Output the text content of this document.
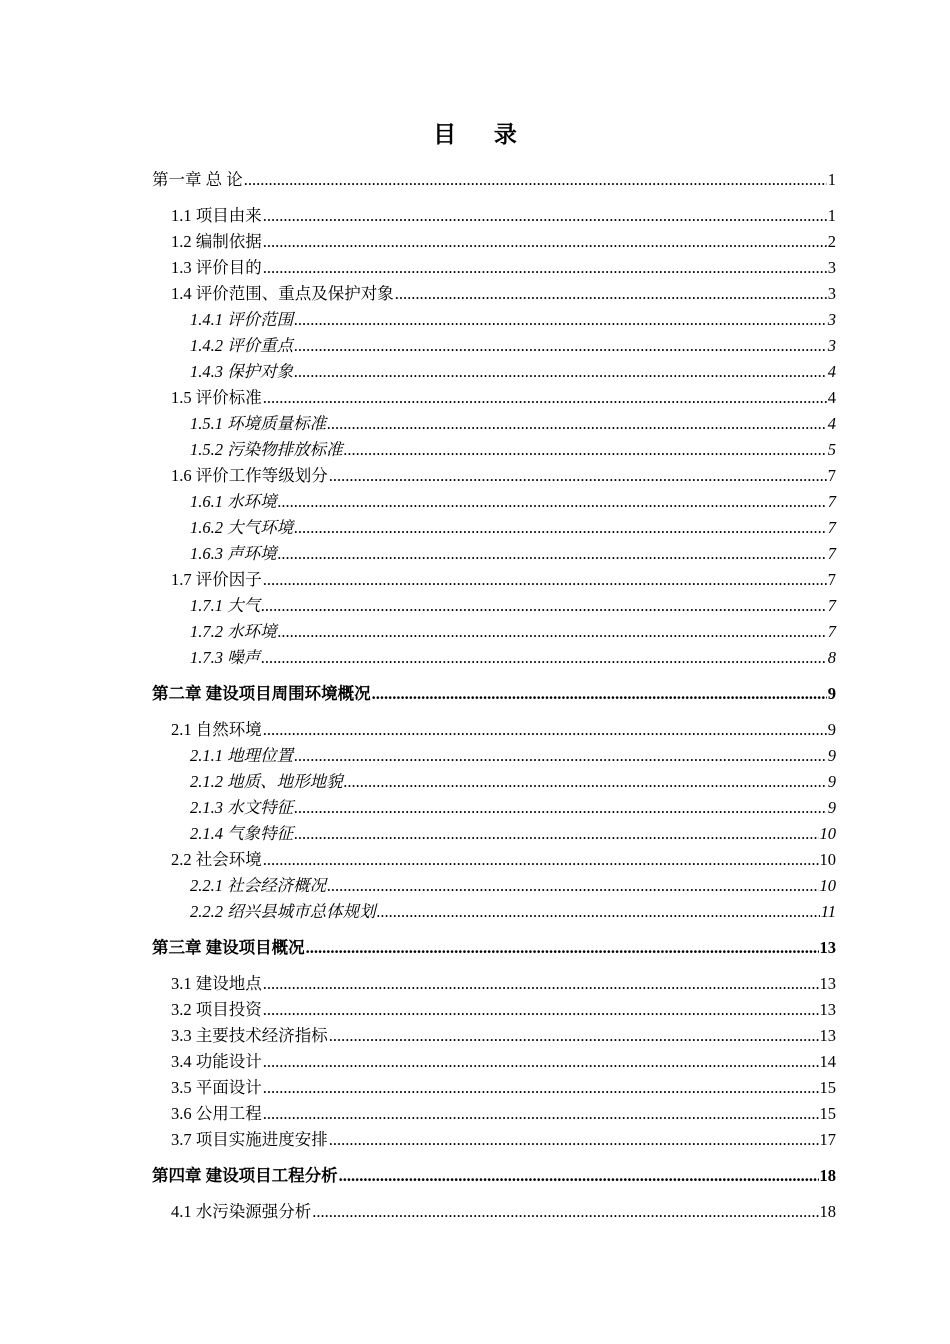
目 录
第一章 总 论 .....	1
1.1 项目由来 .....	1
1.2 编制依据 .....	2
1.3 评价目的 .....	3
1.4 评价范围、重点及保护对象 .....	3
1.4.1 评价范围 .....	3
1.4.2 评价重点 .....	3
1.4.3 保护对象 .....	4
1.5 评价标准 .....	4
1.5.1 环境质量标准 .....	4
1.5.2 污染物排放标准 .....	5
1.6 评价工作等级划分 .....	7
1.6.1 水环境 .....	7
1.6.2 大气环境 .....	7
1.6.3 声环境 .....	7
1.7 评价因子 .....	7
1.7.1 大气 .....	7
1.7.2 水环境 .....	7
1.7.3 噪声 .....	8
第二章 建设项目周围环境概况 .....	9
2.1 自然环境 .....	9
2.1.1 地理位置 .....	9
2.1.2 地质、地形地貌 .....	9
2.1.3 水文特征 .....	9
2.1.4 气象特征 .....	10
2.2 社会环境 .....	10
2.2.1 社会经济概况 .....	10
2.2.2 绍兴县城市总体规划 .....	11
第三章 建设项目概况 .....	13
3.1 建设地点 .....	13
3.2 项目投资 .....	13
3.3 主要技术经济指标 .....	13
3.4 功能设计 .....	14
3.5 平面设计 .....	15
3.6 公用工程 .....	15
3.7 项目实施进度安排 .....	17
第四章 建设项目工程分析 .....	18
4.1 水污染源强分析 .....	18
